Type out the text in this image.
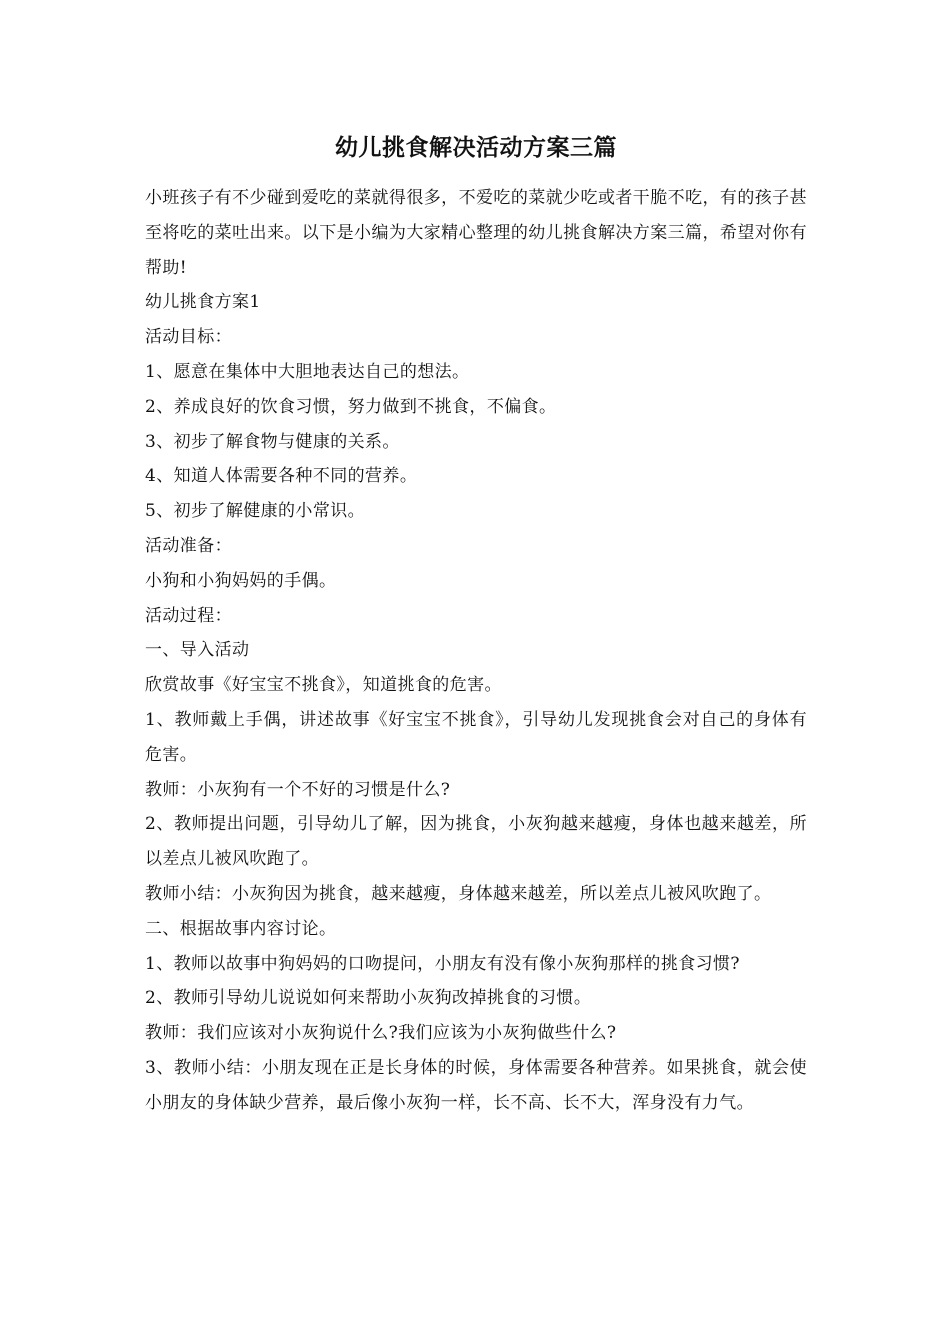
幼儿挑食解决活动方案三篇

小班孩子有不少碰到爱吃的菜就得很多，不爱吃的菜就少吃或者干脆不吃，有的孩子甚至将吃的菜吐出来。以下是小编为大家精心整理的幼儿挑食解决方案三篇，希望对你有帮助!

幼儿挑食方案1

活动目标：

1、愿意在集体中大胆地表达自己的想法。

2、养成良好的饮食习惯，努力做到不挑食，不偏食。

3、初步了解食物与健康的关系。

4、知道人体需要各种不同的营养。

5、初步了解健康的小常识。

活动准备：

小狗和小狗妈妈的手偶。

活动过程：

一、导入活动

欣赏故事《好宝宝不挑食》，知道挑食的危害。

1、教师戴上手偶，讲述故事《好宝宝不挑食》，引导幼儿发现挑食会对自己的身体有危害。

教师：小灰狗有一个不好的习惯是什么?

2、教师提出问题，引导幼儿了解，因为挑食，小灰狗越来越瘦，身体也越来越差，所以差点儿被风吹跑了。

教师小结：小灰狗因为挑食，越来越瘦，身体越来越差，所以差点儿被风吹跑了。

二、根据故事内容讨论。

1、教师以故事中狗妈妈的口吻提问，小朋友有没有像小灰狗那样的挑食习惯?

2、教师引导幼儿说说如何来帮助小灰狗改掉挑食的习惯。

教师：我们应该对小灰狗说什么?我们应该为小灰狗做些什么?

3、教师小结：小朋友现在正是长身体的时候，身体需要各种营养。如果挑食，就会使小朋友的身体缺少营养，最后像小灰狗一样，长不高、长不大，浑身没有力气。
